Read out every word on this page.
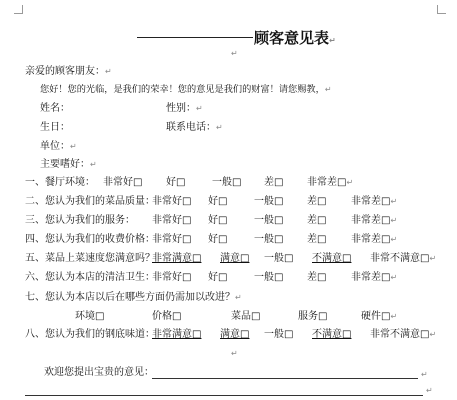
顾客意见表↵
↵
亲爱的顾客朋友：↵
您好！您的光临，是我们的荣幸！您的意见是我们的财富！请您赐教，↵
姓名：	性别：↵
生日：	联系电话：↵
单位：↵
主要嗜好：↵
一、餐厅环境： 非常好□ 好□	一般□ 差□ 非常差□↵
二、您认为我们的菜品质量：
非常好□ 好□	一般□ 差□ 非常差□↵
三、您认为我们的服务： 非常好□ 好□	一般□ 差□ 非常差□↵
四、您认为我们的收费价格：
非常好□ 好□	一般□ 差□ 非常差□↵
五、菜品上菜速度您满意吗？
非常满意□ 满意□ 一般□ 不满意□ 非常不满意□↵
六、您认为本店的清洁卫生：
非常好□ 好□	一般□ 差□ 非常差□↵
七、您认为本店以后在哪些方面仍需加以改进？↵
环境□	价格□	菜品□	服务□	硬件□↵
八、您认为我们的钢底味道：
非常满意□ 满意□ 一般□ 不满意□ 非常不满意□↵
↵
欢迎您提出宝贵的意见：	↵
↵
